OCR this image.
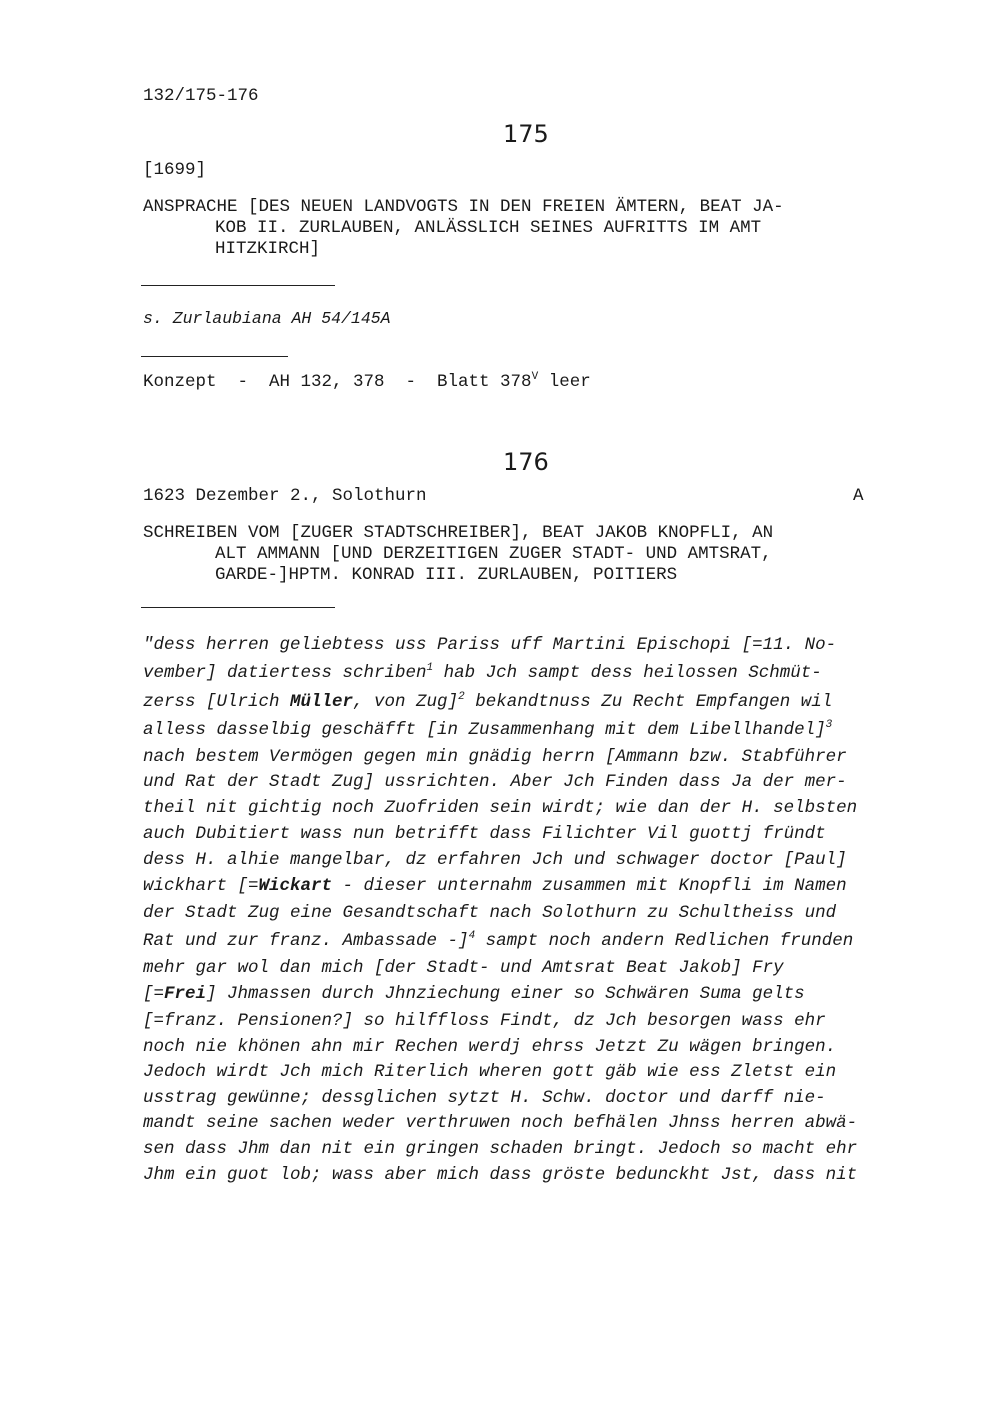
132/175-176
175
[1699]
ANSPRACHE [DES NEUEN LANDVOGTS IN DEN FREIEN ÄMTERN, BEAT JA-
KOB II. ZURLAUBEN, ANLÄSSLICH SEINES AUFRITTS IM AMT
HITZKIRCH]
s. Zurlaubiana AH 54/145A
Konzept  -  AH 132, 378  -  Blatt $378^V$ leer
176
1623 Dezember 2., Solothurn	A
SCHREIBEN VOM [ZUGER STADTSCHREIBER], BEAT JAKOB KNOPFLI, AN
ALT AMMANN [UND DERZEITIGEN ZUGER STADT- UND AMTSRAT,
GARDE-]HPTM. KONRAD III. ZURLAUBEN, POITIERS
"dess herren geliebtess uss Pariss uff Martini Epischopi [=11. No-
vember] datiertess schriben$^1$ hab Jch sampt dess heilossen Schmüt-
zerss [Ulrich Müller, von Zug]$^2$ bekandtnuss Zu Recht Empfangen wil
alless dasselbig geschäfft [in Zusammenhang mit dem Libellhandel]$^3$
nach bestem Vermögen gegen min gnädig herrn [Ammann bzw. Stabführer
und Rat der Stadt Zug] ussrichten. Aber Jch Finden dass Ja der mer-
theil nit gichtig noch Zuofriden sein wirdt; wie dan der H. selbsten
auch Dubitiert wass nun betrifft dass Filichter Vil guottj fründt
dess H. alhie mangelbar, dz erfahren Jch und schwager doctor [Paul]
wickhart [=Wickart - dieser unternahm zusammen mit Knopfli im Namen
der Stadt Zug eine Gesandtschaft nach Solothurn zu Schultheiss und
Rat und zur franz. Ambassade -]$^4$ sampt noch andern Redlichen frunden
mehr gar wol dan mich [der Stadt- und Amtsrat Beat Jakob] Fry
[=Frei] Jhmassen durch Jhnziechung einer so Schwären Suma gelts
[=franz. Pensionen?] so hilffloss Findt, dz Jch besorgen wass ehr
noch nie khönen ahn mir Rechen werdj ehrss Jetzt Zu wägen bringen.
Jedoch wirdt Jch mich Riterlich wheren gott gäb wie ess Zletst ein
usstrag gewünne; dessglichen sytzt H. Schw. doctor und darff nie-
mandt seine sachen weder verthruwen noch befhälen Jhnss herren abwä-
sen dass Jhm dan nit ein gringen schaden bringt. Jedoch so macht ehr
Jhm ein guot lob; wass aber mich dass gröste bedunckht Jst, dass nit
